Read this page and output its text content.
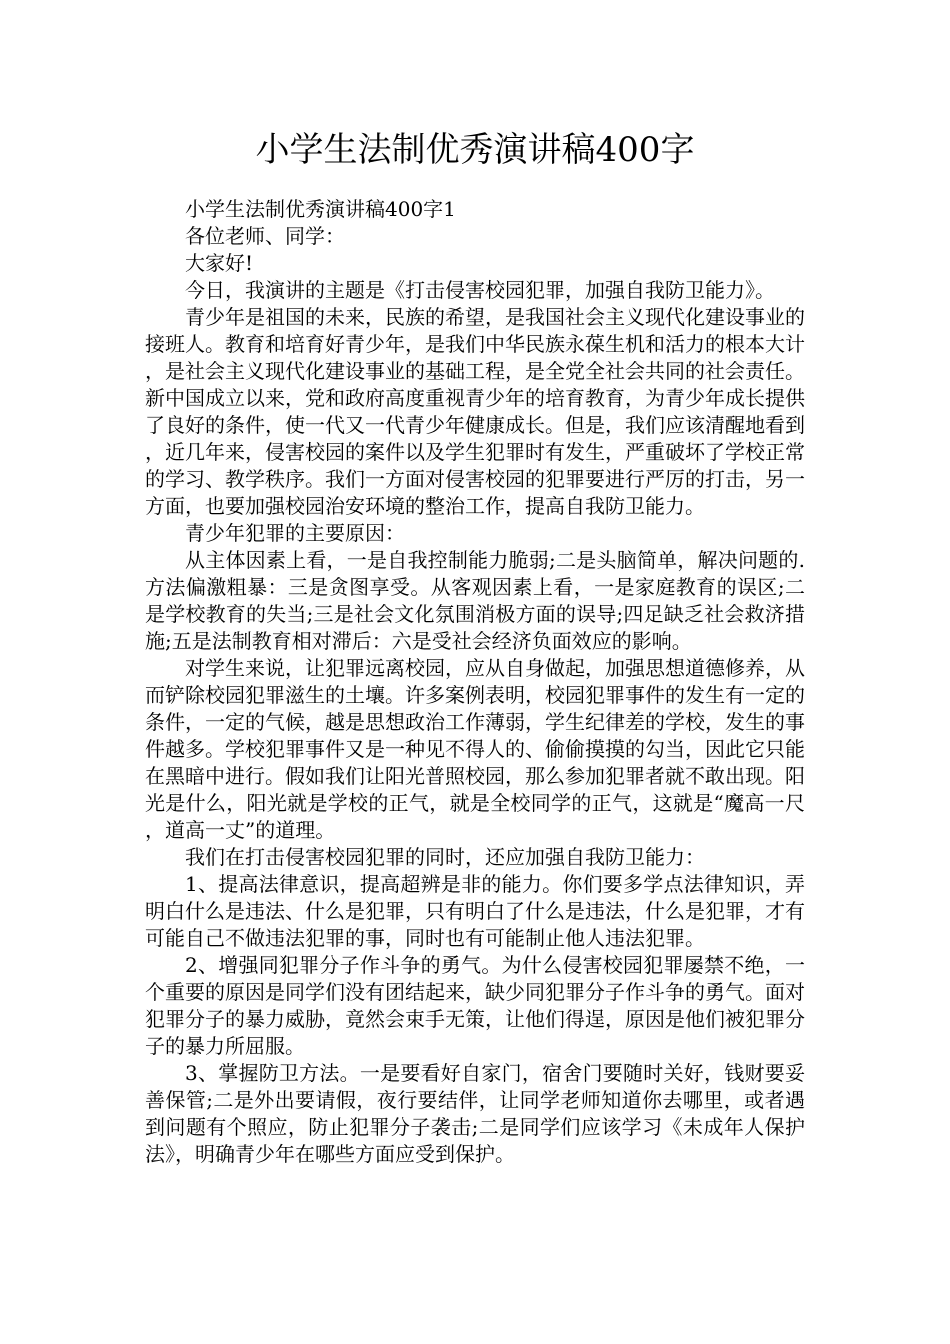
小学生法制优秀演讲稿400字

小学生法制优秀演讲稿400字1

各位老师、同学：

大家好!

今日，我演讲的主题是《打击侵害校园犯罪，加强自我防卫能力》。

青少年是祖国的未来，民族的希望，是我国社会主义现代化建设事业的接班人。教育和培育好青少年，是我们中华民族永葆生机和活力的根本大计，是社会主义现代化建设事业的基础工程，是全党全社会共同的社会责任。新中国成立以来，党和政府高度重视青少年的培育教育，为青少年成长提供了良好的条件，使一代又一代青少年健康成长。但是，我们应该清醒地看到，近几年来，侵害校园的案件以及学生犯罪时有发生，严重破坏了学校正常的学习、教学秩序。我们一方面对侵害校园的犯罪要进行严厉的打击，另一方面，也要加强校园治安环境的整治工作，提高自我防卫能力。

青少年犯罪的主要原因：

从主体因素上看，一是自我控制能力脆弱;二是头脑简单，解决问题的.方法偏激粗暴：三是贪图享受。从客观因素上看，一是家庭教育的误区;二是学校教育的失当;三是社会文化氛围消极方面的误导;四足缺乏社会救济措施;五是法制教育相对滞后：六是受社会经济负面效应的影响。

对学生来说，让犯罪远离校园，应从自身做起，加强思想道德修养，从而铲除校园犯罪滋生的土壤。许多案例表明，校园犯罪事件的发生有一定的条件，一定的气候，越是思想政治工作薄弱，学生纪律差的学校，发生的事件越多。学校犯罪事件又是一种见不得人的、偷偷摸摸的勾当，因此它只能在黑暗中进行。假如我们让阳光普照校园，那么参加犯罪者就不敢出现。阳光是什么，阳光就是学校的正气，就是全校同学的正气，这就是“魔高一尺，道高一丈”的道理。

我们在打击侵害校园犯罪的同时，还应加强自我防卫能力：

1、提高法律意识，提高超辨是非的能力。你们要多学点法律知识，弄明白什么是违法、什么是犯罪，只有明白了什么是违法，什么是犯罪，才有可能自己不做违法犯罪的事，同时也有可能制止他人违法犯罪。

2、增强同犯罪分子作斗争的勇气。为什么侵害校园犯罪屡禁不绝，一个重要的原因是同学们没有团结起来，缺少同犯罪分子作斗争的勇气。面对犯罪分子的暴力威胁，竟然会束手无策，让他们得逞，原因是他们被犯罪分子的暴力所屈服。

3、掌握防卫方法。一是要看好自家门，宿舍门要随时关好，钱财要妥善保管;二是外出要请假，夜行要结伴，让同学老师知道你去哪里，或者遇到问题有个照应，防止犯罪分子袭击;二是同学们应该学习《未成年人保护法》，明确青少年在哪些方面应受到保护。
